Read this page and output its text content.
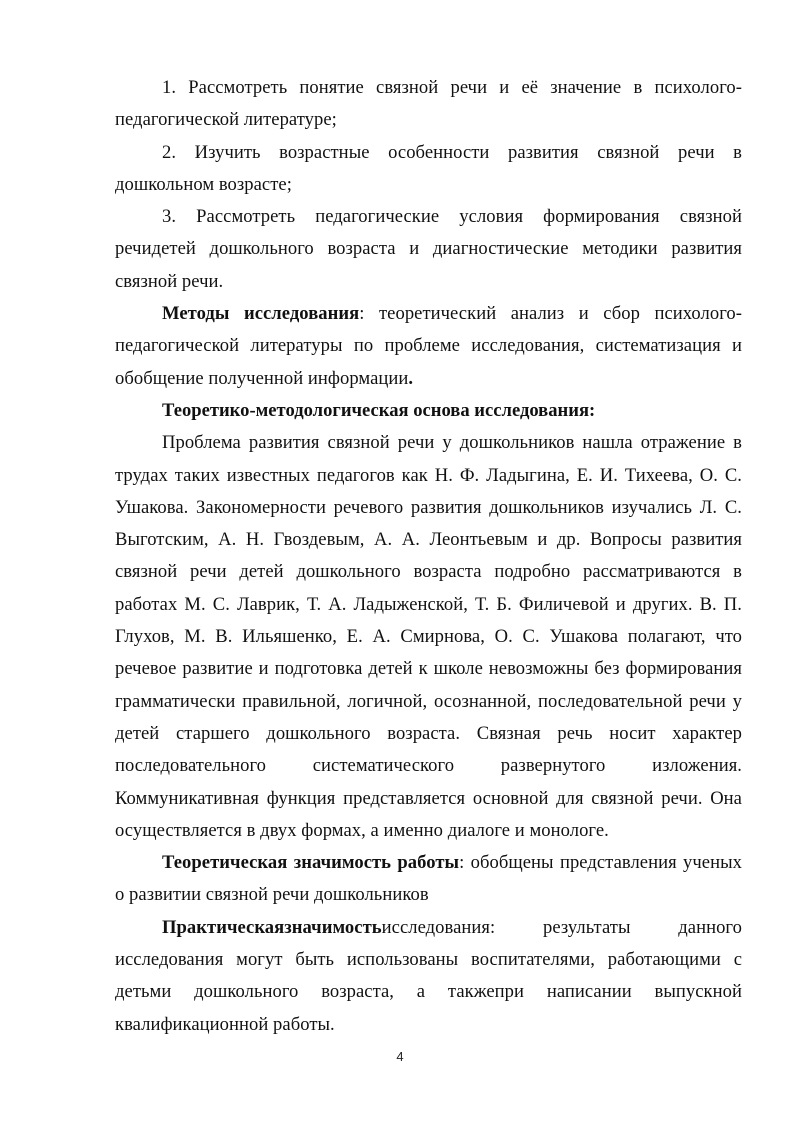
1. Рассмотреть понятие связной речи и её значение в психолого-педагогической литературе;

2. Изучить возрастные особенности развития связной речи в дошкольном возрасте;

3. Рассмотреть педагогические условия формирования связной речидетей дошкольного возраста и диагностические методики развития связной речи.

Методы исследования: теоретический анализ и сбор психолого-педагогической литературы по проблеме исследования, систематизация и обобщение полученной информации.

Теоретико-методологическая основа исследования:

Проблема развития связной речи у дошкольников нашла отражение в трудах таких известных педагогов как Н. Ф. Ладыгина, Е. И. Тихеева, О. С. Ушакова. Закономерности речевого развития дошкольников изучались Л. С. Выготским, А. Н. Гвоздевым, А. А. Леонтьевым и др. Вопросы развития связной речи детей дошкольного возраста подробно рассматриваются в работах М. С. Лаврик, Т. А. Ладыженской, Т. Б. Филичевой и других. В. П. Глухов, М. В. Ильяшенко, Е. А. Смирнова, О. С. Ушакова полагают, что речевое развитие и подготовка детей к школе невозможны без формирования грамматически правильной, логичной, осознанной, последовательной речи у детей старшего дошкольного возраста. Связная речь носит характер последовательного систематического развернутого изложения. Коммуникативная функция представляется основной для связной речи. Она осуществляется в двух формах, а именно диалоге и монологе.

Теоретическая значимость работы: обобщены представления ученых о развитии связной речи дошкольников

Практическаязначимостьисследования: результаты данного исследования могут быть использованы воспитателями, работающими с детьми дошкольного возраста, а такжепри написании выпускной квалификационной работы.

4
